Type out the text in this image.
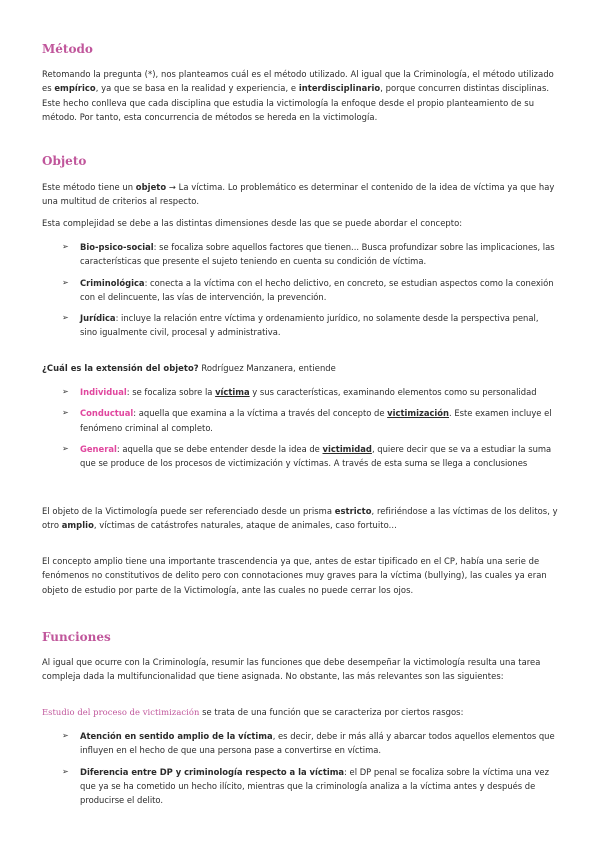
Método

Retomando la pregunta (*), nos planteamos cuál es el método utilizado. Al igual que la Criminología, el método utilizado es empírico, ya que se basa en la realidad y experiencia, e interdisciplinario, porque concurren distintas disciplinas. Este hecho conlleva que cada disciplina que estudia la victimología la enfoque desde el propio planteamiento de su método. Por tanto, esta concurrencia de métodos se hereda en la victimología.

Objeto

Este método tiene un objeto → La víctima. Lo problemático es determinar el contenido de la idea de víctima ya que hay una multitud de criterios al respecto.

Esta complejidad se debe a las distintas dimensiones desde las que se puede abordar el concepto:

➢ Bio-psico-social: se focaliza sobre aquellos factores que tienen... Busca profundizar sobre las implicaciones, las características que presente el sujeto teniendo en cuenta su condición de víctima.
➢ Criminológica: conecta a la víctima con el hecho delictivo, en concreto, se estudian aspectos como la conexión con el delincuente, las vías de intervención, la prevención.
➢ Jurídica: incluye la relación entre víctima y ordenamiento jurídico, no solamente desde la perspectiva penal, sino igualmente civil, procesal y administrativa.

¿Cuál es la extensión del objeto? Rodríguez Manzanera, entiende

➢ Individual: se focaliza sobre la víctima y sus características, examinando elementos como su personalidad
➢ Conductual: aquella que examina a la víctima a través del concepto de victimización. Este examen incluye el fenómeno criminal al completo.
➢ General: aquella que se debe entender desde la idea de victimidad, quiere decir que se va a estudiar la suma que se produce de los procesos de victimización y víctimas. A través de esta suma se llega a conclusiones

El objeto de la Victimología puede ser referenciado desde un prisma estricto, refiriéndose a las víctimas de los delitos, y otro amplio, víctimas de catástrofes naturales, ataque de animales, caso fortuito...

El concepto amplio tiene una importante trascendencia ya que, antes de estar tipificado en el CP, había una serie de fenómenos no constitutivos de delito pero con connotaciones muy graves para la víctima (bullying), las cuales ya eran objeto de estudio por parte de la Victimología, ante las cuales no puede cerrar los ojos.

Funciones

Al igual que ocurre con la Criminología, resumir las funciones que debe desempeñar la victimología resulta una tarea compleja dada la multifuncionalidad que tiene asignada. No obstante, las más relevantes son las siguientes:

Estudio del proceso de victimización se trata de una función que se caracteriza por ciertos rasgos:

➢ Atención en sentido amplio de la víctima, es decir, debe ir más allá y abarcar todos aquellos elementos que influyen en el hecho de que una persona pase a convertirse en víctima.
➢ Diferencia entre DP y criminología respecto a la víctima: el DP penal se focaliza sobre la víctima una vez que ya se ha cometido un hecho ilícito, mientras que la criminología analiza a la víctima antes y después de producirse el delito.
